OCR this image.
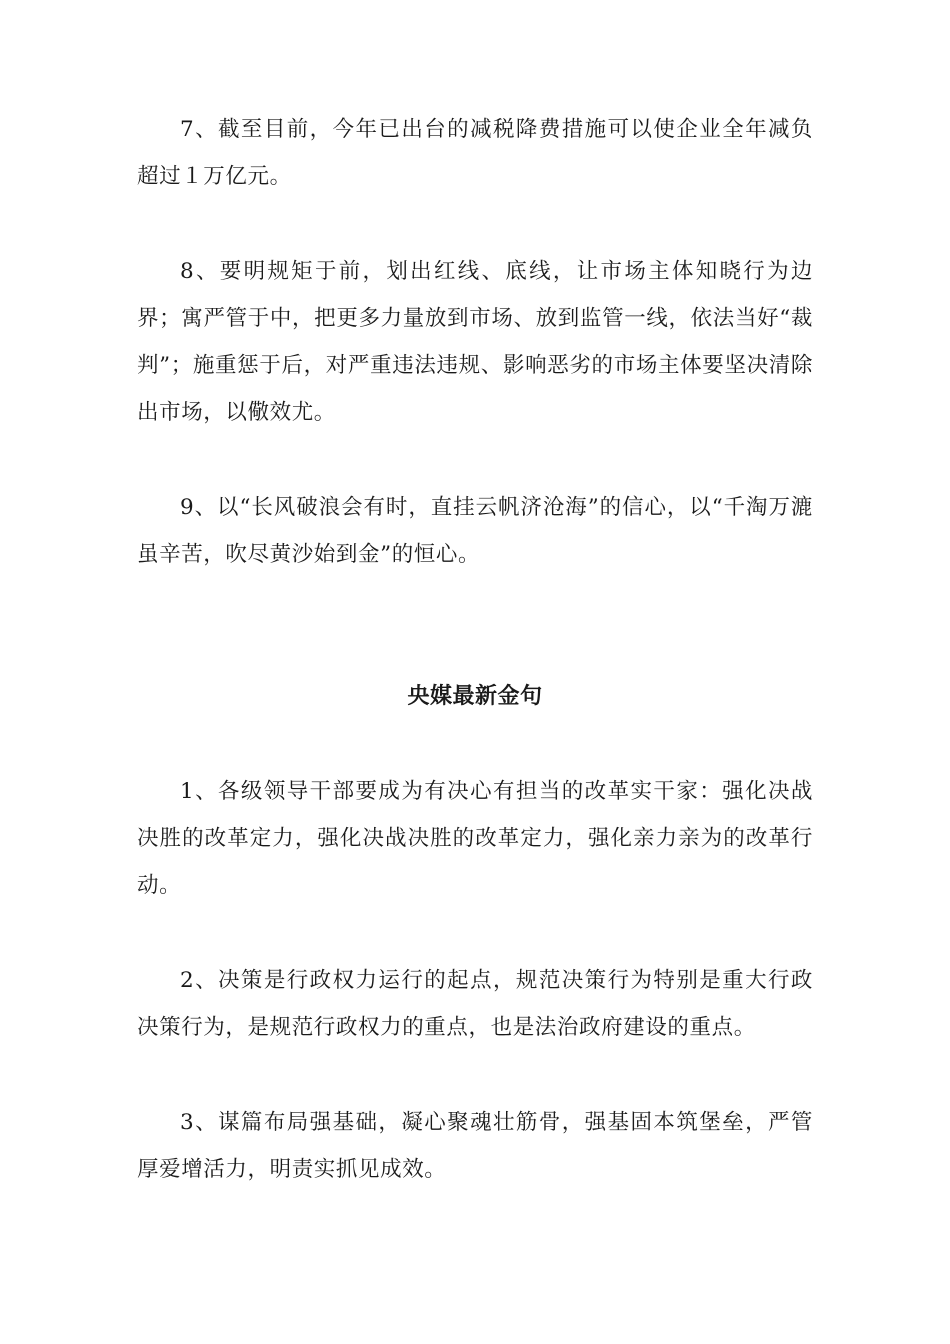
7、截至目前，今年已出台的减税降费措施可以使企业全年减负超过１万亿元。

8、要明规矩于前，划出红线、底线，让市场主体知晓行为边界；寓严管于中，把更多力量放到市场、放到监管一线，依法当好“裁判”；施重惩于后，对严重违法违规、影响恶劣的市场主体要坚决清除出市场，以儆效尤。

9、以“长风破浪会有时，直挂云帆济沧海”的信心，以“千淘万漉虽辛苦，吹尽黄沙始到金”的恒心。

央媒最新金句

1、各级领导干部要成为有决心有担当的改革实干家：强化决战决胜的改革定力，强化决战决胜的改革定力，强化亲力亲为的改革行动。

2、决策是行政权力运行的起点，规范决策行为特别是重大行政决策行为，是规范行政权力的重点，也是法治政府建设的重点。

3、谋篇布局强基础，凝心聚魂壮筋骨，强基固本筑堡垒，严管厚爱增活力，明责实抓见成效。
